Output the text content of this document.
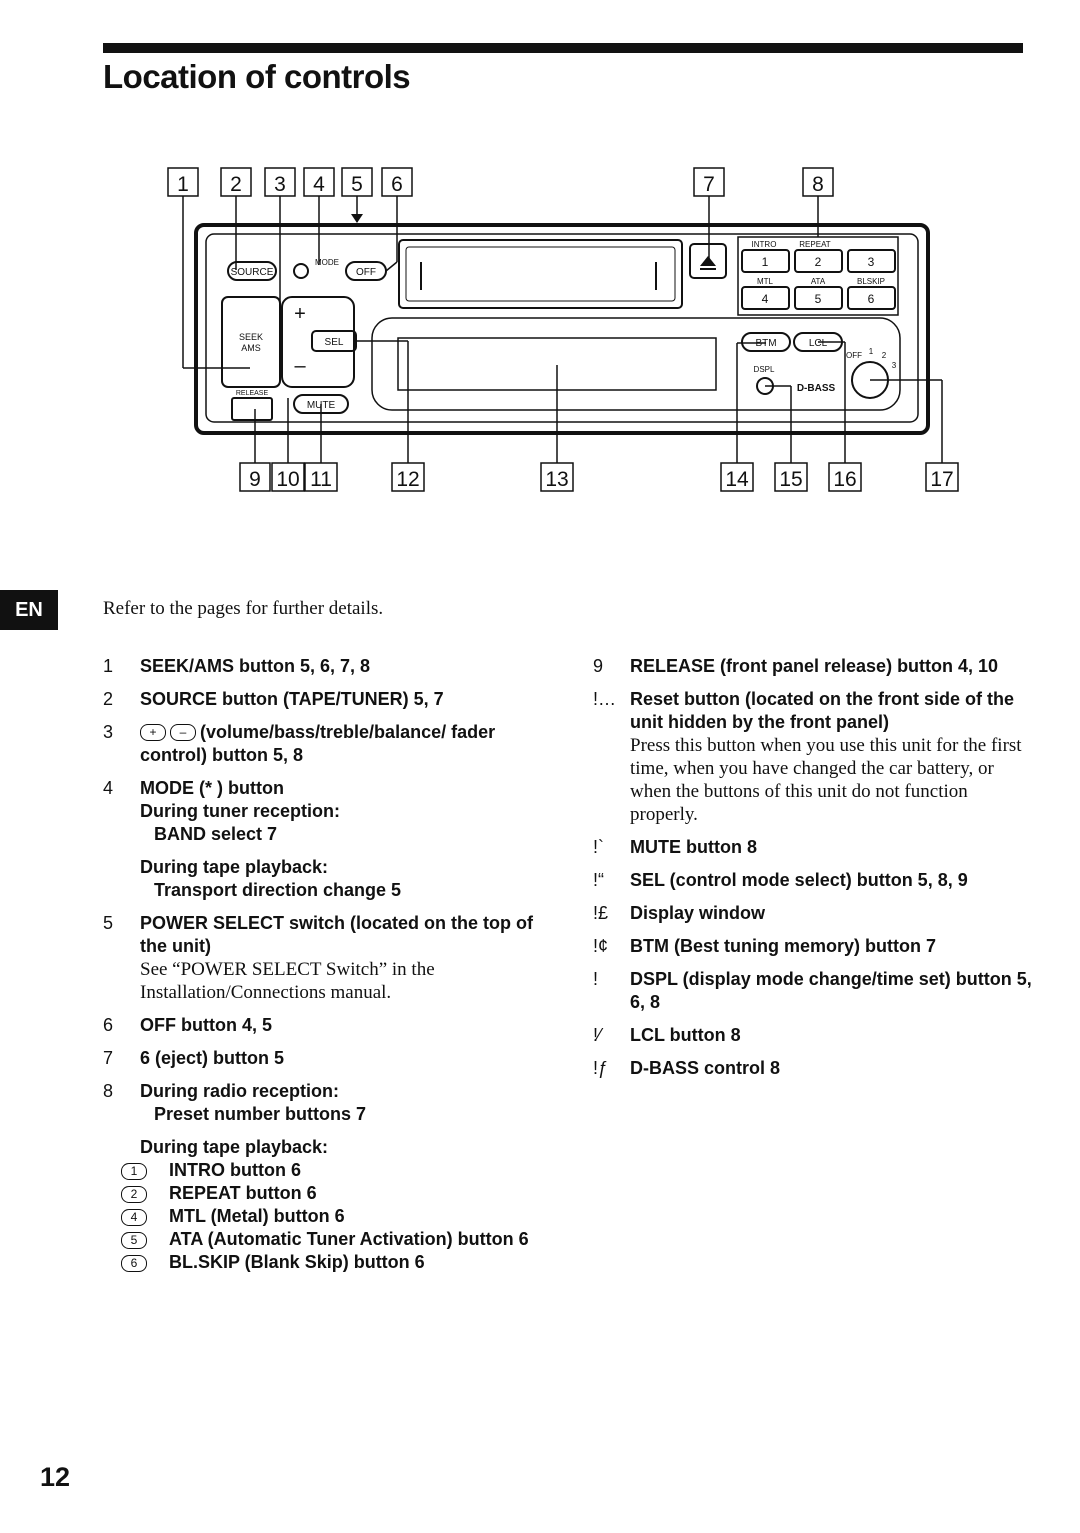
Location of controls
1 2 3 4 5 6	7	8
INTRO	REPEAT
1	2	3
MTL	ATA	BLSKIP
4	5	6
SOURCE
MODE
OFF
SEEK
AMS
+
–
SEL
RELEASE
MUTE
BTM	LCL
DSPL
D-BASS
OFF 1 2
3
9 10 11	12	13	14 15 16	17
EN	Refer to the pages for further details.
1 SEEK/AMS button 5, 6, 7, 8
2 SOURCE button (TAPE/TUNER) 5, 7
3	+ – (volume/bass/treble/balance/ fader control) button 5, 8
4 MODE (* ) button
During tuner reception:
BAND select 7
During tape playback:
Transport direction change 5
5 POWER SELECT switch (located on the top of the unit)
See “POWER SELECT Switch” in the Installation/Connections manual.
6 OFF button 4, 5
7 6 (eject) button 5
8 During radio reception:
Preset number buttons 7
During tape playback:
1	INTRO button 6
2	REPEAT button 6
4	MTL (Metal) button 6
5	ATA (Automatic Tuner Activation) button 6
6	BL.SKIP (Blank Skip) button 6
9 RELEASE (front panel release) button 4, 10
!… Reset button (located on the front side of the unit hidden by the front panel)
Press this button when you use this unit for the first time, when you have changed the car battery, or when the buttons of this unit do not function properly.
!` MUTE button 8
!“ SEL (control mode select) button 5, 8, 9
!£ Display window
!¢ BTM (Best tuning memory) button 7
! DSPL (display mode change/time set) button 5, 6, 8
!⁄ LCL button 8
!ƒ D-BASS control 8
12
